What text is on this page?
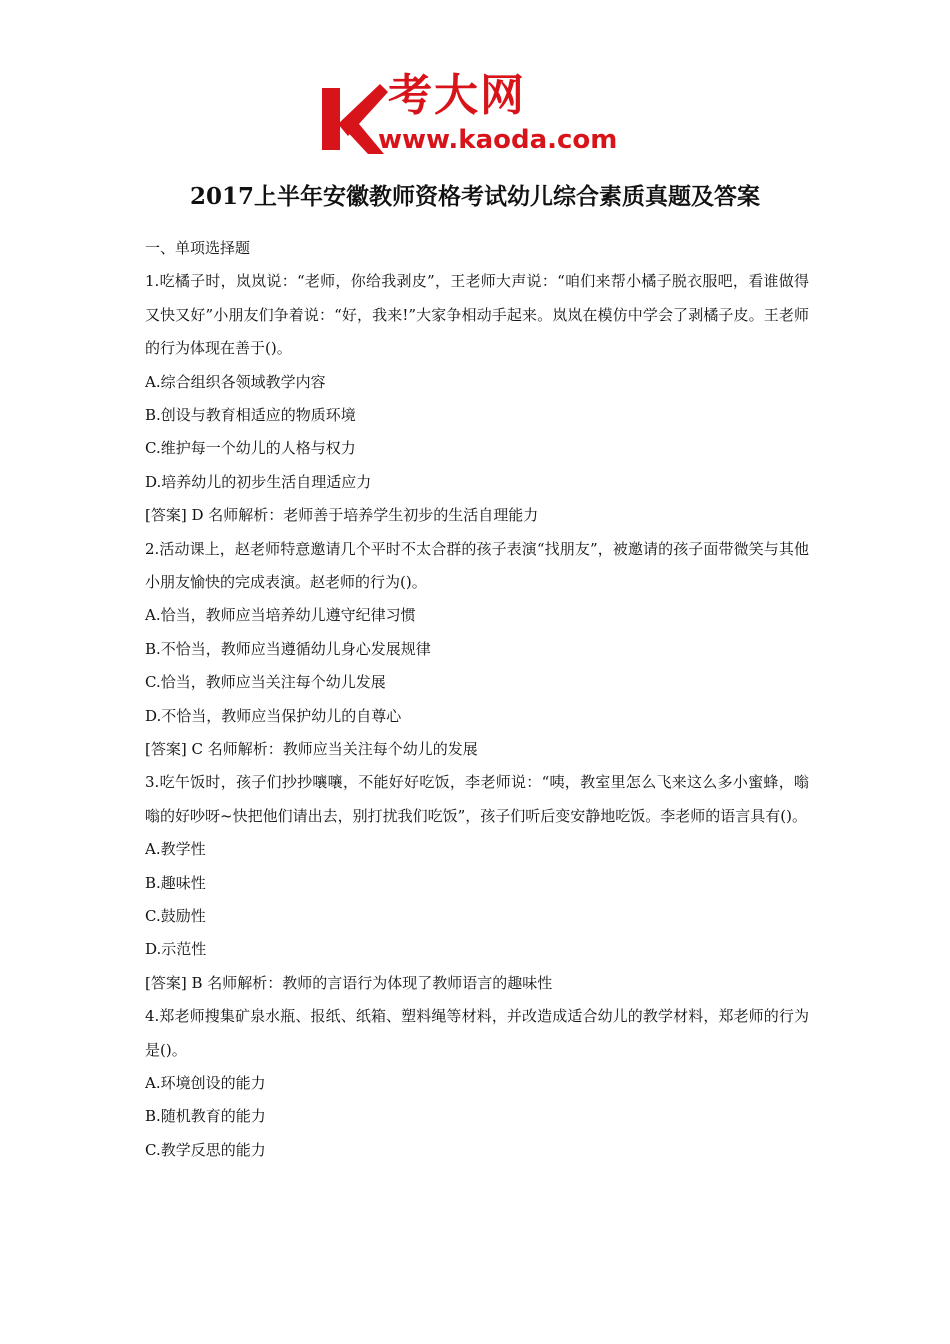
考大网
www.kaoda.com
2017上半年安徽教师资格考试幼儿综合素质真题及答案
一、单项选择题
1.吃橘子时，岚岚说：“老师，你给我剥皮”，王老师大声说：“咱们来帮小橘子脱衣服吧，看谁做得又快又好”小朋友们争着说：“好，我来!”大家争相动手起来。岚岚在模仿中学会了剥橘子皮。王老师的行为体现在善于()。
A.综合组织各领域教学内容
B.创设与教育相适应的物质环境
C.维护每一个幼儿的人格与权力
D.培养幼儿的初步生活自理适应力
[答案] D 名师解析：老师善于培养学生初步的生活自理能力
2.活动课上，赵老师特意邀请几个平时不太合群的孩子表演“找朋友”，被邀请的孩子面带微笑与其他小朋友愉快的完成表演。赵老师的行为()。
A.恰当，教师应当培养幼儿遵守纪律习惯
B.不恰当，教师应当遵循幼儿身心发展规律
C.恰当，教师应当关注每个幼儿发展
D.不恰当，教师应当保护幼儿的自尊心
[答案] C 名师解析：教师应当关注每个幼儿的发展
3.吃午饭时，孩子们抄抄嚷嚷，不能好好吃饭，李老师说：“咦，教室里怎么飞来这么多小蜜蜂，嗡嗡的好吵呀~快把他们请出去，别打扰我们吃饭”，孩子们听后变安静地吃饭。李老师的语言具有()。
A.教学性
B.趣味性
C.鼓励性
D.示范性
[答案] B 名师解析：教师的言语行为体现了教师语言的趣味性
4.郑老师搜集矿泉水瓶、报纸、纸箱、塑料绳等材料，并改造成适合幼儿的教学材料，郑老师的行为是()。
A.环境创设的能力
B.随机教育的能力
C.教学反思的能力
